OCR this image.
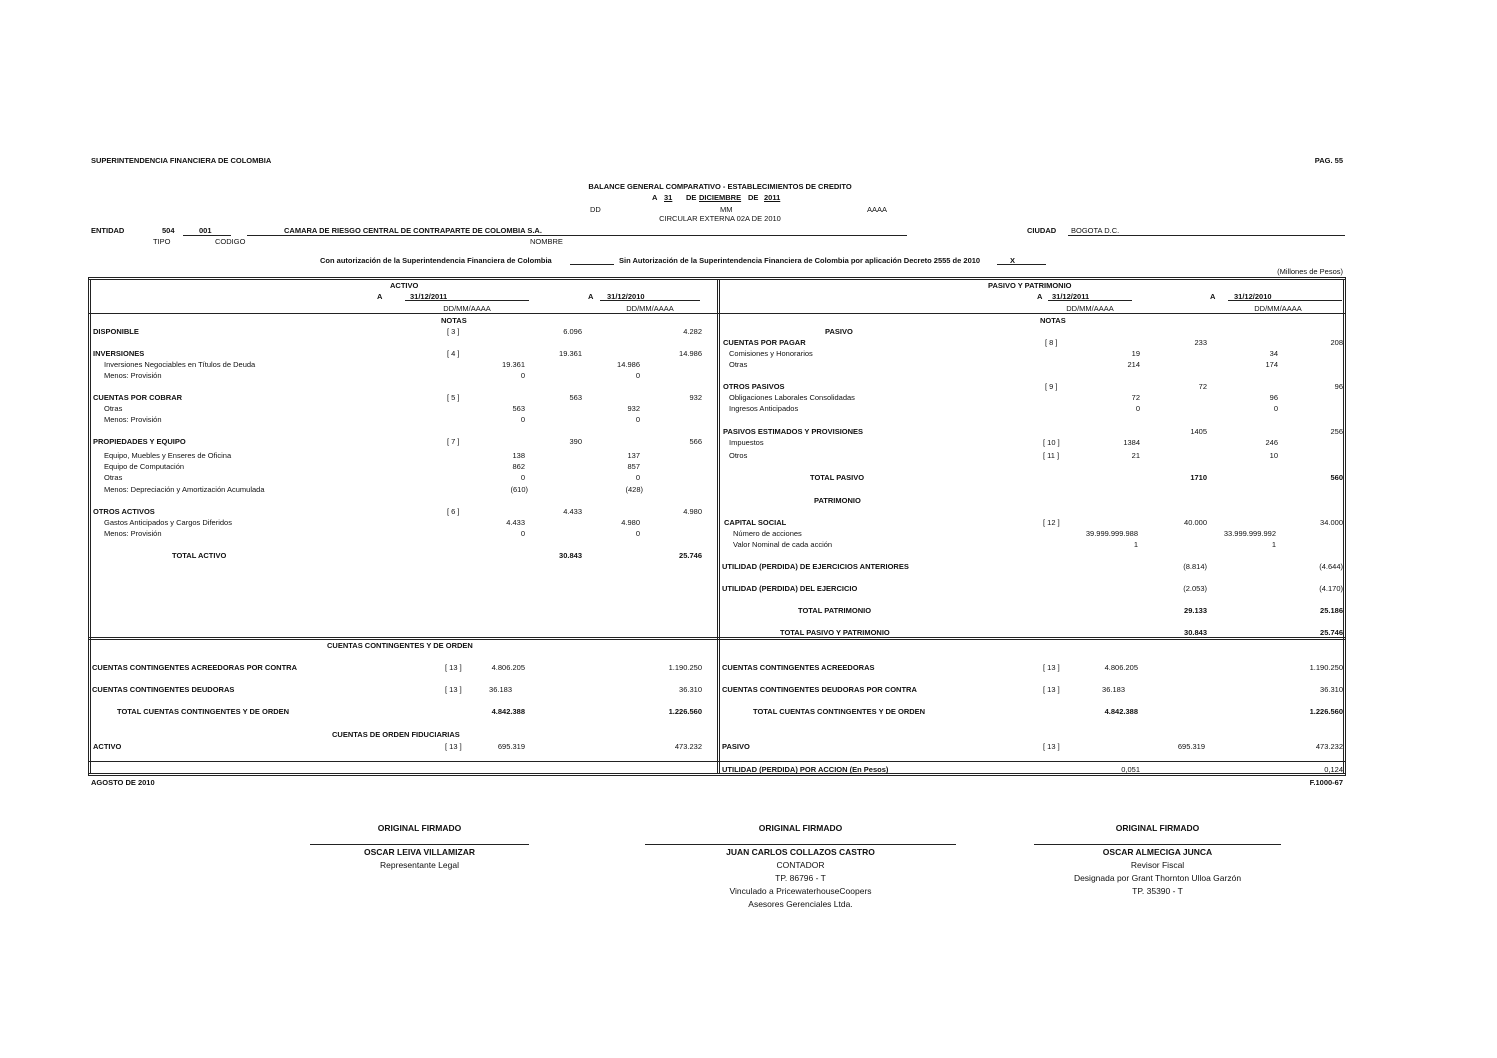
SUPERINTENDENCIA FINANCIERA DE COLOMBIA	PAG. 55
BALANCE GENERAL COMPARATIVO - ESTABLECIMIENTOS DE CREDITO
A 31 DE DICIEMBRE DE 2011
DD	MM	AAAA
CIRCULAR EXTERNA 02A DE 2010
ENTIDAD	504	001	CAMARA DE RIESGO CENTRAL DE CONTRAPARTE DE COLOMBIA S.A.
TIPO	CODIGO	NOMBRE
CIUDAD BOGOTA D.C.
Con autorización de la Superintendencia Financiera de Colombia	Sin Autorización de la Superintendencia Financiera de Colombia por aplicación Decreto 2555 de 2010	X
(Millones de Pesos)
ACTIVO
A	31/12/2011	A 31/12/2010
DD/MM/AAAA	DD/MM/AAAA
NOTAS
DISPONIBLE	[ 3 ]	6.096	4.282
INVERSIONES	[ 4 ]	19.361	14.986
Inversiones Negociables en Títulos de Deuda	19.361	14.986
Menos: Provisión	0	0
CUENTAS POR COBRAR	[ 5 ]	563	932
Otras	563	932
Menos: Provisión	0	0
PROPIEDADES Y EQUIPO	[ 7 ]	390	566
Equipo, Muebles y Enseres de Oficina	138	137
Equipo de Computación	862	857
Otras	0	0
Menos: Depreciación y Amortización Acumulada	(610)	(428)
OTROS ACTIVOS	[ 6 ]	4.433	4.980
Gastos Anticipados y Cargos Diferidos	4.433	4.980
Menos: Provisión	0	0
TOTAL ACTIVO	30.843	25.746
PASIVO Y PATRIMONIO
A 31/12/2011	A 31/12/2010
DD/MM/AAAA	DD/MM/AAAA
NOTAS
PASIVO
CUENTAS POR PAGAR	[ 8 ]	233	208
Comisiones y Honorarios	19	34
Otras	214	174
OTROS PASIVOS	[ 9 ]	72	96
Obligaciones Laborales Consolidadas	72	96
Ingresos Anticipados	0	0
PASIVOS ESTIMADOS Y PROVISIONES	1405	256
Impuestos	[ 10 ]	1384	246
Otros	[ 11 ]	21	10
TOTAL PASIVO	1710	560
PATRIMONIO
CAPITAL SOCIAL	[ 12 ]	40.000	34.000
Número de acciones	39.999.999.988	33.999.999.992
Valor Nominal de cada acción	1	1
UTILIDAD (PERDIDA) DE EJERCICIOS ANTERIORES	(8.814)	(4.644)
UTILIDAD (PERDIDA) DEL EJERCICIO	(2.053)	(4.170)
TOTAL PATRIMONIO	29.133	25.186
TOTAL PASIVO Y PATRIMONIO	30.843	25.746
CUENTAS CONTINGENTES Y DE ORDEN
CUENTAS CONTINGENTES ACREEDORAS POR CONTRA	[ 13 ]	4.806.205	1.190.250
CUENTAS CONTINGENTES DEUDORAS	[ 13 ]	36.183	36.310
TOTAL CUENTAS CONTINGENTES Y DE ORDEN	4.842.388	1.226.560
CUENTAS CONTINGENTES ACREEDORAS	[ 13 ]	4.806.205	1.190.250
CUENTAS CONTINGENTES DEUDORAS POR CONTRA	[ 13 ]	36.183	36.310
TOTAL CUENTAS CONTINGENTES Y DE ORDEN	4.842.388	1.226.560
CUENTAS DE ORDEN FIDUCIARIAS
ACTIVO	[ 13 ]	695.319	473.232	PASIVO	[ 13 ]	695.319	473.232
UTILIDAD (PERDIDA) POR ACCION (En Pesos)	0,051	0,124
AGOSTO DE 2010	F.1000-67
ORIGINAL FIRMADO
OSCAR LEIVA VILLAMIZAR
Representante Legal
ORIGINAL FIRMADO
JUAN CARLOS COLLAZOS CASTRO
CONTADOR
TP. 86796 - T
Vinculado a PricewaterhouseCoopers
Asesores Gerenciales Ltda.
ORIGINAL FIRMADO
OSCAR ALMECIGA JUNCA
Revisor Fiscal
Designada por Grant Thornton Ulloa Garzón
TP. 35390 - T
